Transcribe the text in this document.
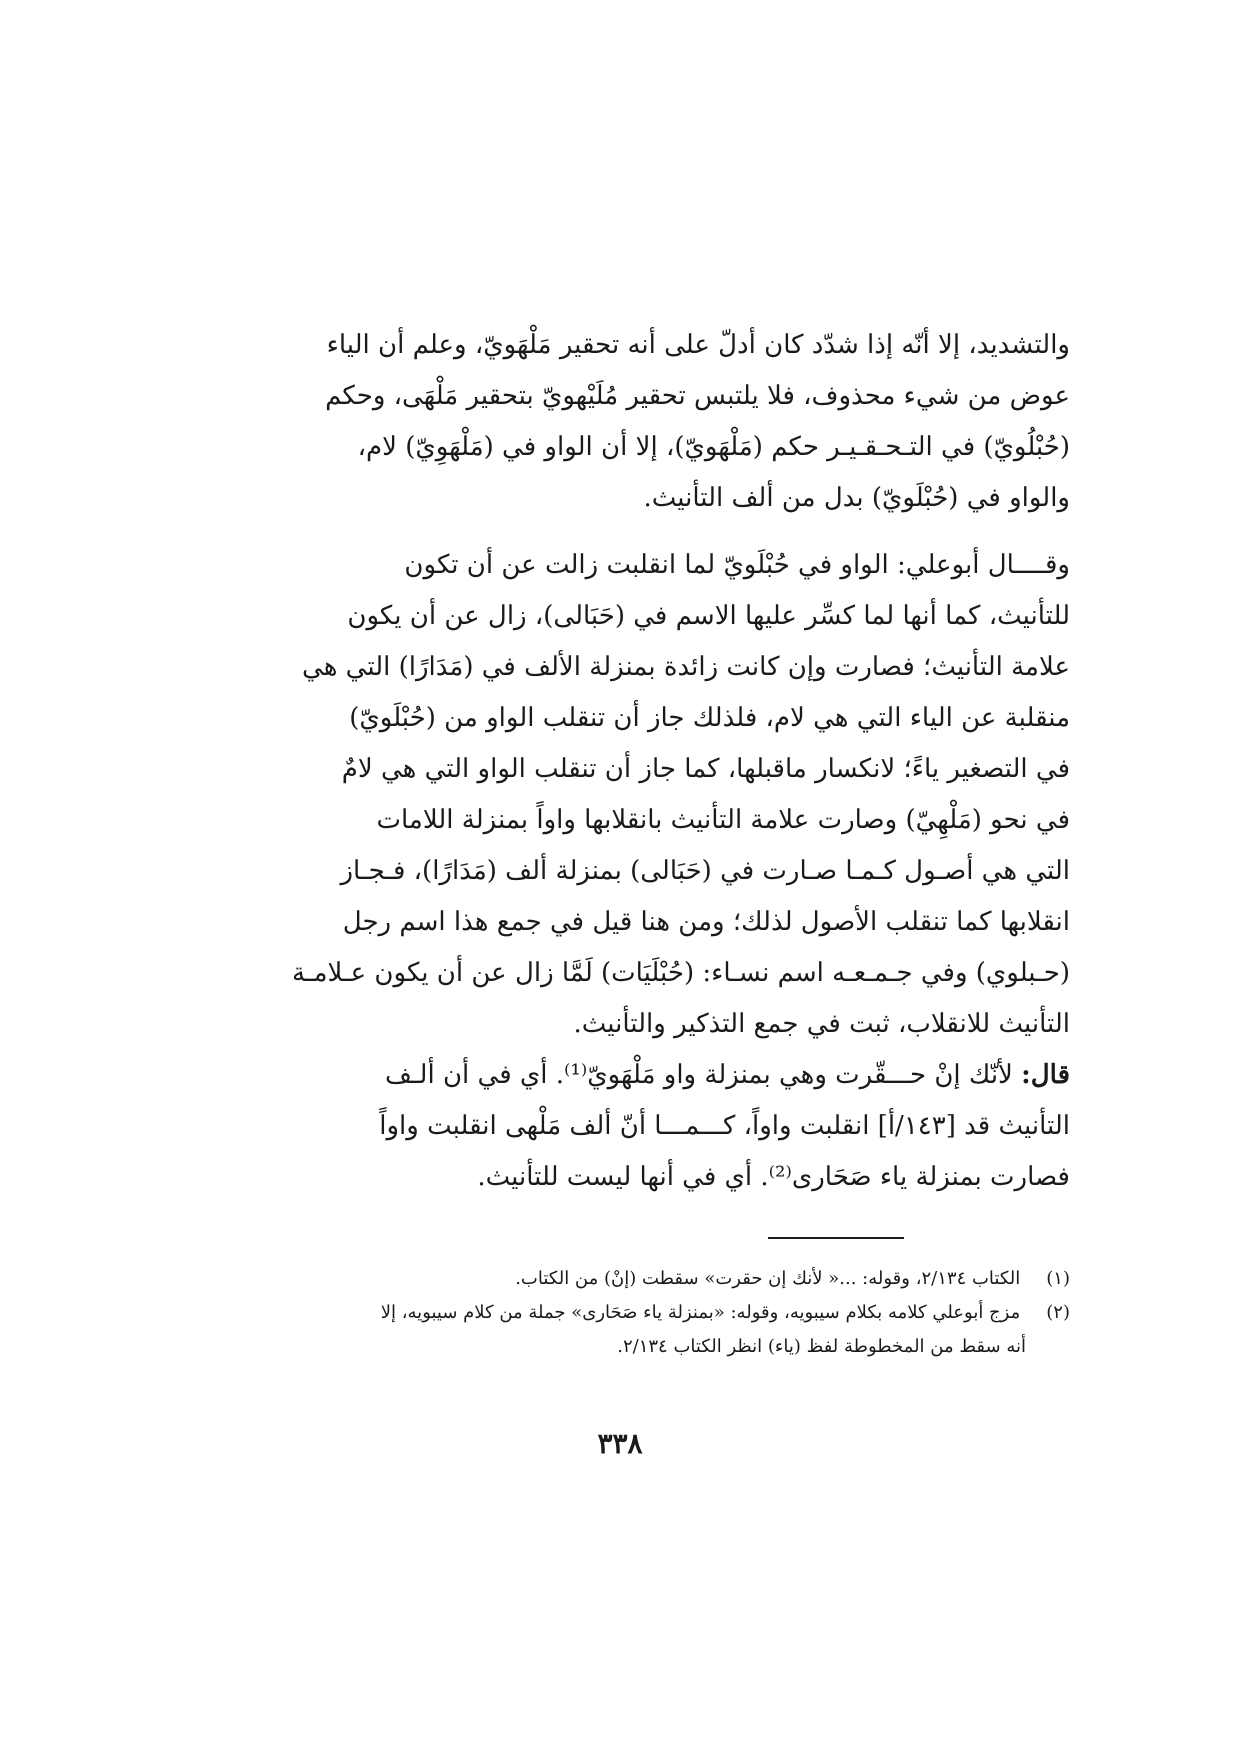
والتشديد، إلا أنّه إذا شدّد كان أدلّ على أنه تحقير مَلْهَويّ، وعلم أن الياء
عوض من شيء محذوف، فلا يلتبس تحقير مُلَيْهويّ بتحقير مَلْهَى، وحكم
(حُبْلُويّ) في التـحـقـيـر حكم (مَلْهَويّ)، إلا أن الواو في (مَلْهَوِيّ) لام،
والواو في (حُبْلَويّ) بدل من ألف التأنيث.
وقــــال أبوعلي: الواو في حُبْلَويّ لما انقلبت زالت عن أن تكون
للتأنيث، كما أنها لما كسِّر عليها الاسم في (حَبَالى)، زال عن أن يكون
علامة التأنيث؛ فصارت وإن كانت زائدة بمنزلة الألف في (مَدَارًا) التي هي
منقلبة عن الياء التي هي لام، فلذلك جاز أن تنقلب الواو من (حُبْلَويّ)
في التصغير ياءً؛ لانكسار ماقبلها، كما جاز أن تنقلب الواو التي هي لامٌ
في نحو (مَلْهِيّ) وصارت علامة التأنيث بانقلابها واواً بمنزلة اللامات
التي هي أصـول كـمـا صـارت في (حَبَالى) بمنزلة ألف (مَدَارًا)، فـجـاز
انقلابها كما تنقلب الأصول لذلك؛ ومن هنا قيل في جمع هذا اسم رجل
(حـبلوي) وفي جـمـعـه اسم نسـاء: (حُبْلَيَات) لَمَّا زال عن أن يكون عـلامـة
التأنيث للانقلاب، ثبت في جمع التذكير والتأنيث.
قال: لأنّك إنْ حـــقّرت وهي بمنزلة واو مَلْهَويّ⁽¹⁾. أي في أن ألـف
التأنيث قد [١٤٣/أ] انقلبت واواً، كـــمـــا أنّ ألف مَلْهى انقلبت واواً
فصارت بمنزلة ياء صَحَارى⁽²⁾. أي في أنها ليست للتأنيث.
(١) الكتاب ٢/١٣٤، وقوله: ...« لأنك إن حقرت» سقطت (إنْ) من الكتاب.
(٢) مزج أبوعلي كلامه بكلام سيبويه، وقوله: «بمنزلة ياء صَحَارى» جملة من كلام سيبويه، إلا
أنه سقط من المخطوطة لفظ (ياء) انظر الكتاب ٢/١٣٤.
٣٣٨
